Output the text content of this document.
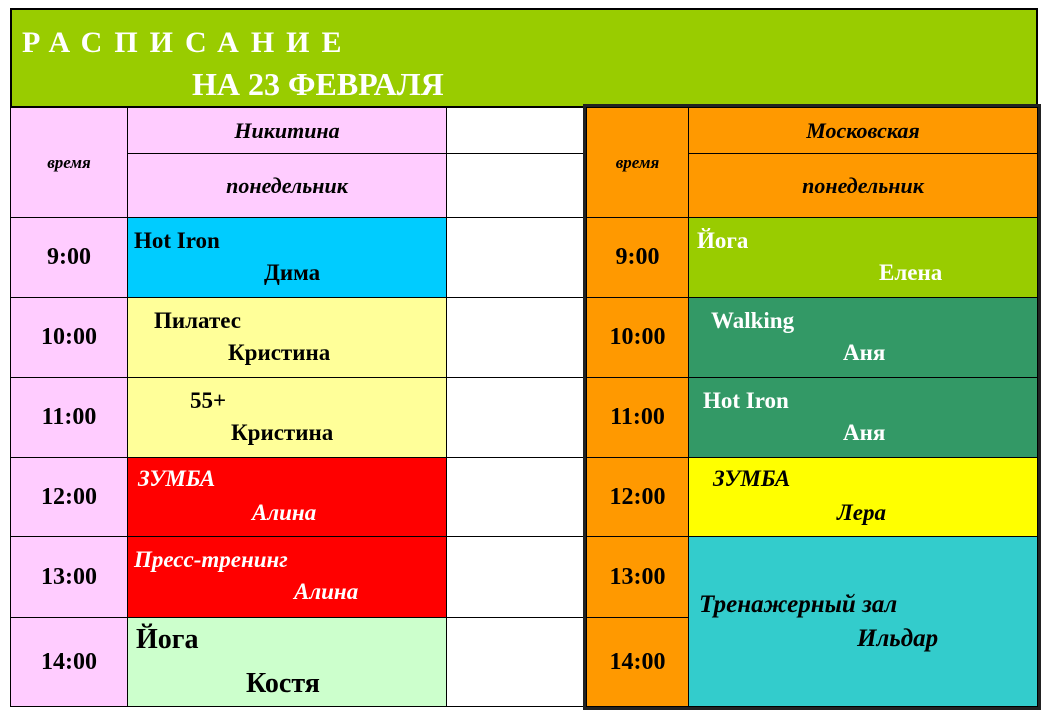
РАСПИСАНИЕ
НА 23 ФЕВРАЛЯ
время
Никитина
понедельник
9:00
10:00
11:00
12:00
13:00
14:00
Hot Iron
Дима
Пилатес
Кристина
55+
Кристина
ЗУМБА
Алина
Пресс-тренинг
Алина
Йога
Костя
время
Московская
понедельник
9:00
10:00
11:00
12:00
13:00
14:00
Йога
Елена
Walking
Аня
Hot Iron
Аня
ЗУМБА
Лера
Тренажерный зал
Ильдар
